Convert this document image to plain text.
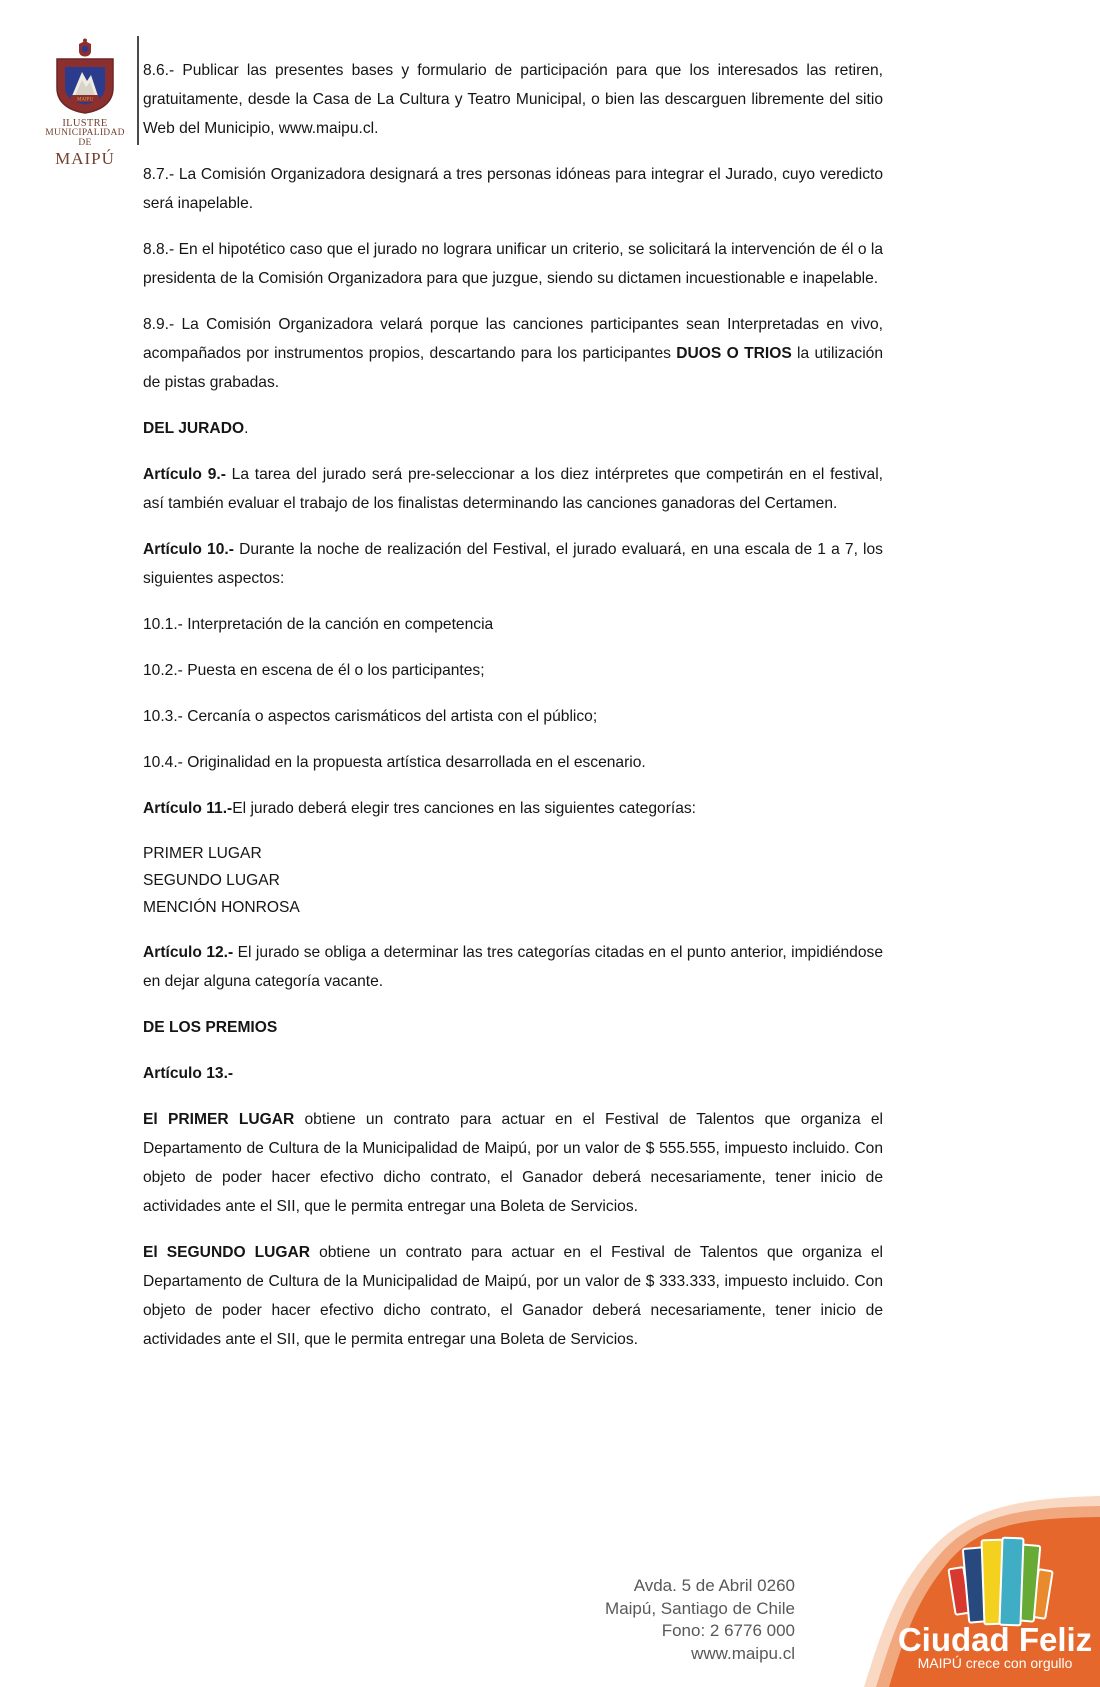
MAIPU
ILUSTRE
MUNICIPALIDAD DE
MAIPÚ

8.6.- Publicar las presentes bases y formulario de participación para que los interesados las retiren, gratuitamente, desde la Casa de La Cultura y Teatro Municipal, o bien las descarguen libremente del sitio Web del Municipio, www.maipu.cl.

8.7.- La Comisión Organizadora designará a tres personas idóneas para integrar el Jurado, cuyo veredicto será inapelable.

8.8.- En el hipotético caso que el jurado no lograra unificar un criterio, se solicitará la intervención de él o la presidenta de la Comisión Organizadora para que juzgue, siendo su dictamen incuestionable e inapelable.

8.9.- La Comisión Organizadora velará porque las canciones participantes sean Interpretadas en vivo, acompañados por instrumentos propios, descartando para los participantes DUOS O TRIOS la utilización de pistas grabadas.

DEL JURADO.

Artículo 9.- La tarea del jurado será pre-seleccionar a los diez intérpretes que competirán en el festival, así también evaluar el trabajo de los finalistas determinando las canciones ganadoras del Certamen.

Artículo 10.- Durante la noche de realización del Festival, el jurado evaluará, en una escala de 1 a 7, los siguientes aspectos:

10.1.- Interpretación de la canción en competencia

10.2.- Puesta en escena de él o los participantes;

10.3.- Cercanía o aspectos carismáticos del artista con el público;

10.4.- Originalidad en la propuesta artística desarrollada en el escenario.

Artículo 11.-El jurado deberá elegir tres canciones en las siguientes categorías:

PRIMER LUGAR

SEGUNDO LUGAR

MENCIÓN HONROSA

Artículo 12.- El jurado se obliga a determinar las tres categorías citadas en el punto anterior, impidiéndose en dejar alguna categoría vacante.

DE LOS PREMIOS

Artículo 13.-

El PRIMER LUGAR obtiene un contrato para actuar en el Festival de Talentos que organiza el Departamento de Cultura de la Municipalidad de Maipú, por un valor de $ 555.555, impuesto incluido. Con objeto de poder hacer efectivo dicho contrato, el Ganador deberá necesariamente, tener inicio de actividades ante el SII, que le permita entregar una Boleta de Servicios.

El SEGUNDO LUGAR obtiene un contrato para actuar en el Festival de Talentos que organiza el Departamento de Cultura de la Municipalidad de Maipú, por un valor de $ 333.333, impuesto incluido. Con objeto de poder hacer efectivo dicho contrato, el Ganador deberá necesariamente, tener inicio de actividades ante el SII, que le permita entregar una Boleta de Servicios.

Avda. 5 de Abril 0260

Maipú, Santiago de Chile

Fono: 2 6776 000

www.maipu.cl	Ciudad Feliz
MAIPÚ crece con orgullo
